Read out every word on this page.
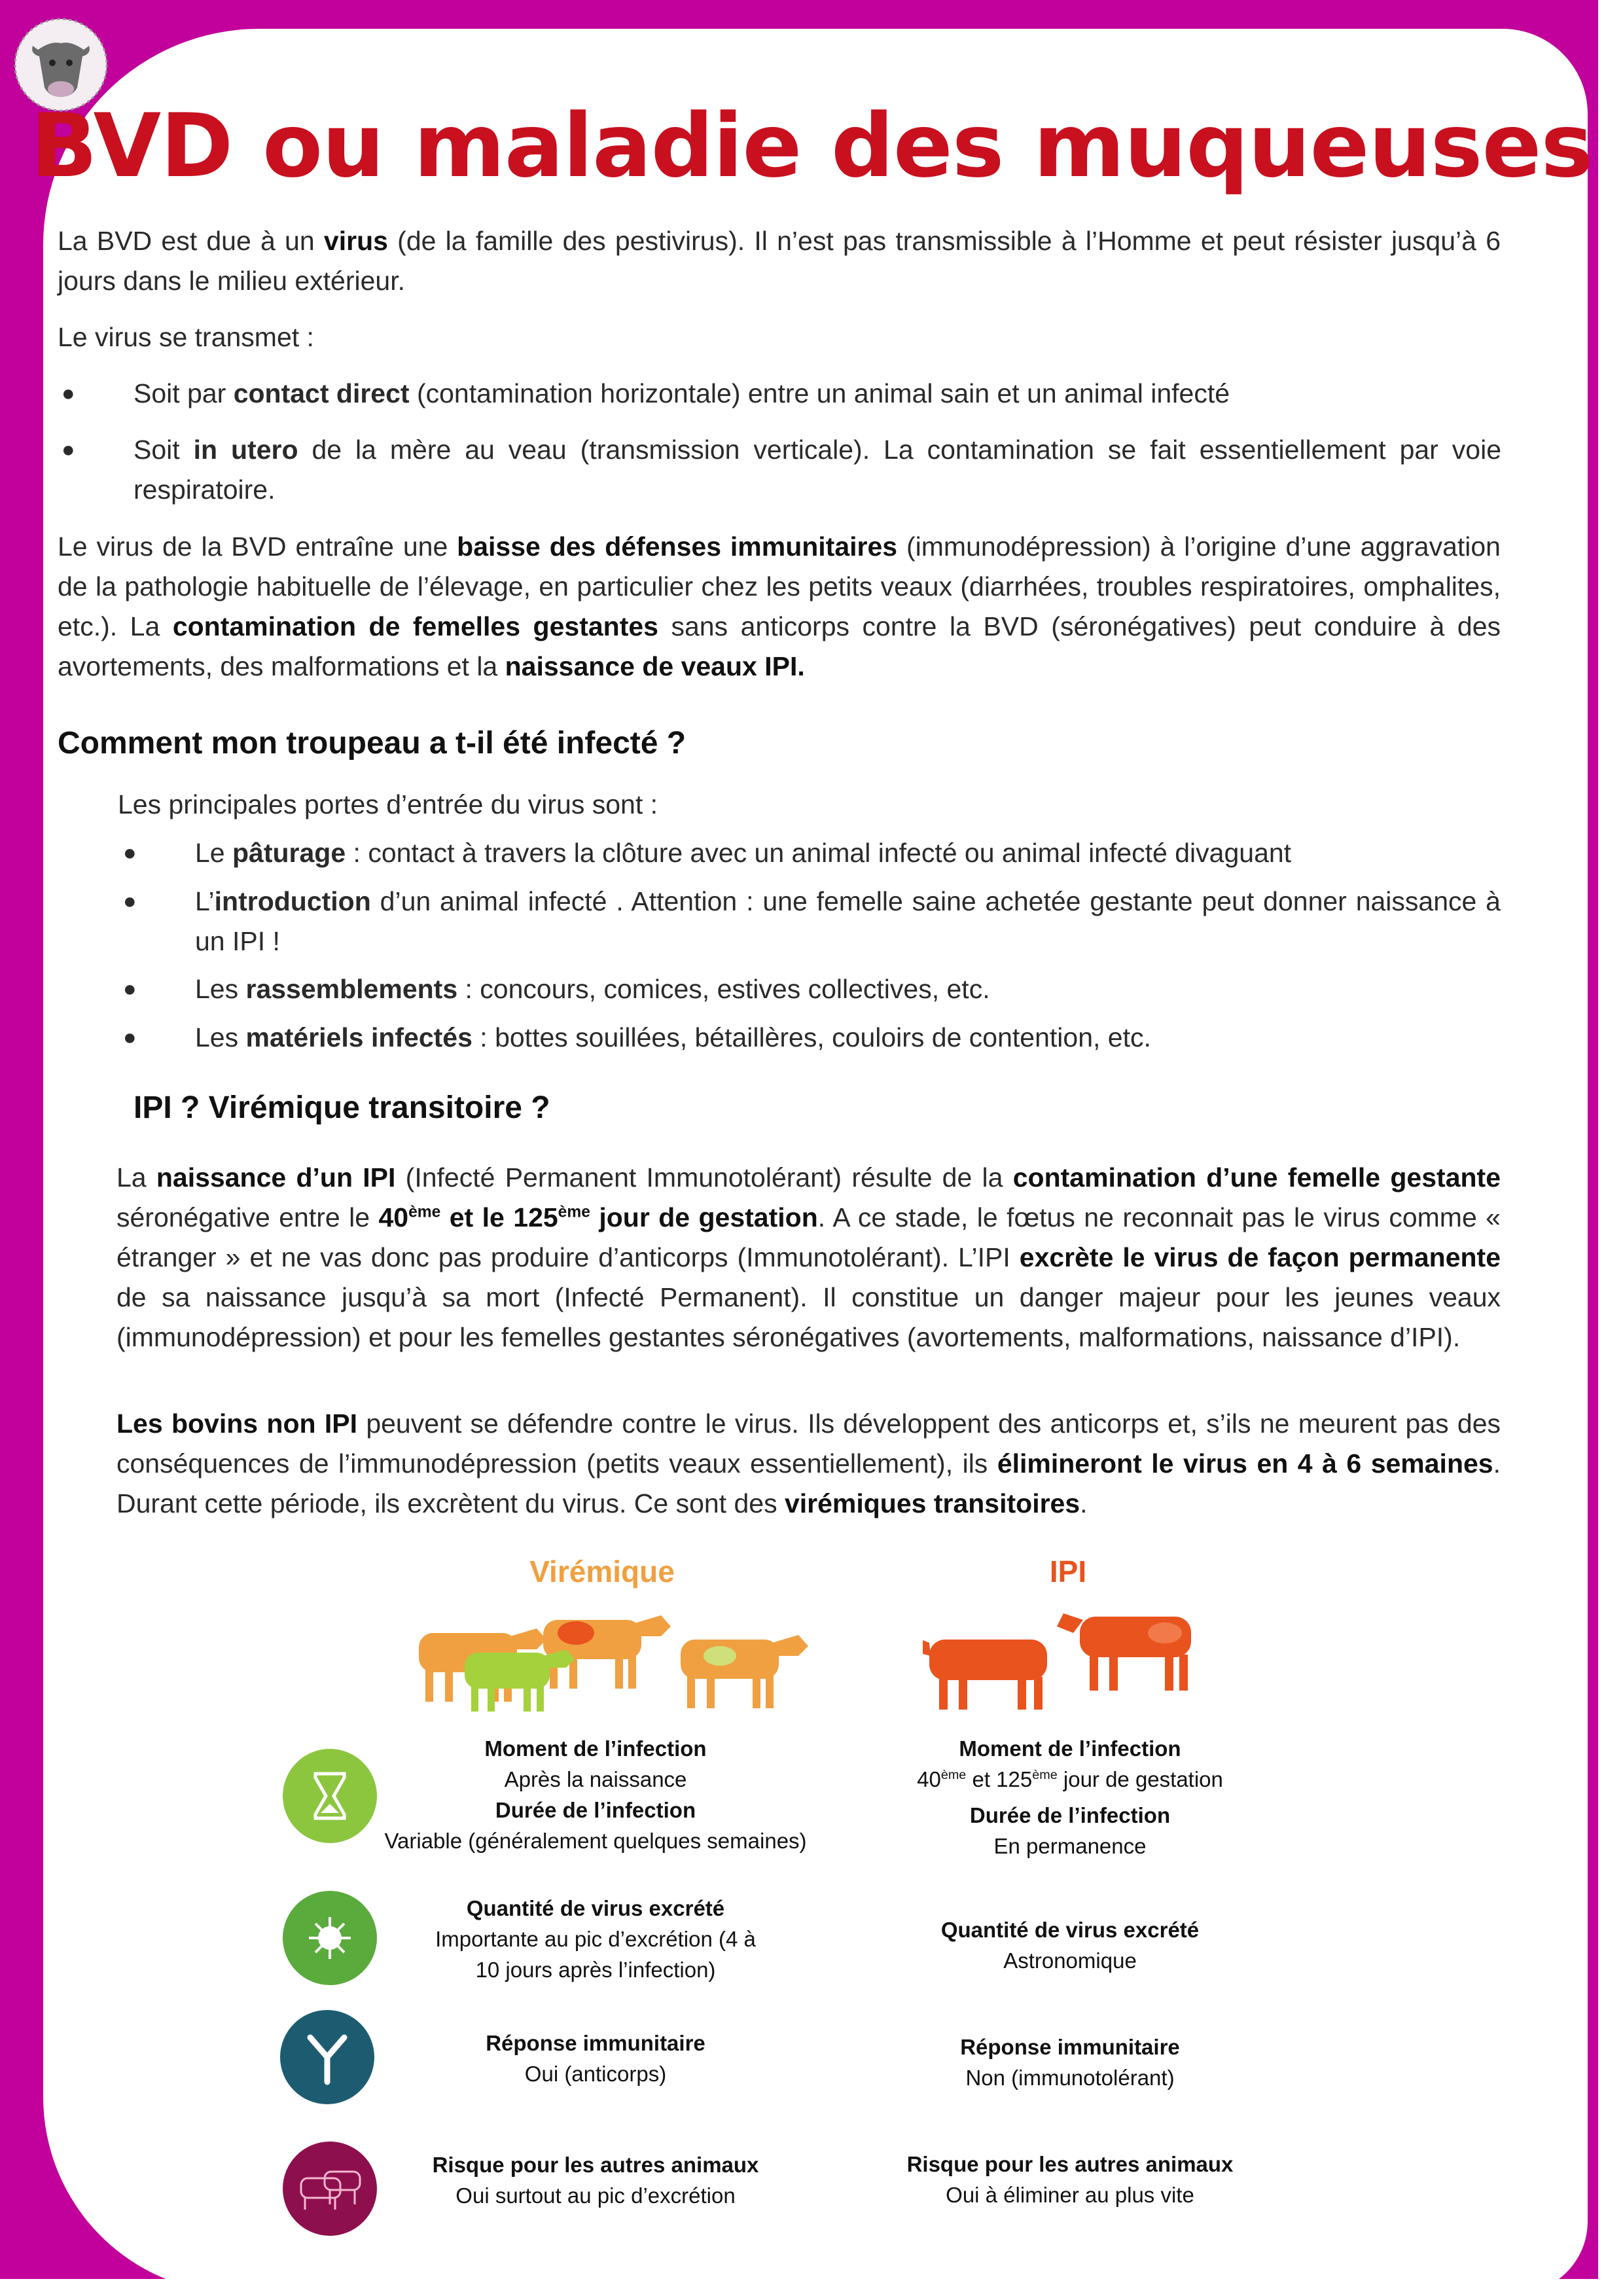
BVD ou maladie des muqueuses

La BVD est due à un virus (de la famille des pestivirus). Il n’est pas transmissible à l’Homme et peut résister jusqu’à 6 jours dans le milieu extérieur.

Le virus se transmet :

● Soit par contact direct (contamination horizontale) entre un animal sain et un animal infecté

● Soit in utero de la mère au veau (transmission verticale). La contamination se fait essentiellement par voie respiratoire.

Le virus de la BVD entraîne une baisse des défenses immunitaires (immunodépression) à l’origine d’une aggravation de la pathologie habituelle de l’élevage, en particulier chez les petits veaux (diarrhées, troubles respiratoires, omphalites, etc.). La contamination de femelles gestantes sans anticorps contre la BVD (séronégatives) peut conduire à des avortements, des malformations et la naissance de veaux IPI.

Comment mon troupeau a t-il été infecté ?

Les principales portes d’entrée du virus sont :

● Le pâturage : contact à travers la clôture avec un animal infecté ou animal infecté divaguant

● L’introduction d’un animal infecté . Attention : une femelle saine achetée gestante peut donner naissance à un IPI !

● Les rassemblements : concours, comices, estives collectives, etc.

● Les matériels infectés : bottes souillées, bétaillères, couloirs de contention, etc.

IPI ? Virémique transitoire ?

La naissance d’un IPI (Infecté Permanent Immunotolérant) résulte de la contamination d’une femelle gestante séronégative entre le 40ème et le 125ème jour de gestation. A ce stade, le fœtus ne reconnait pas le virus comme « étranger » et ne vas donc pas produire d’anticorps (Immunotolérant). L’IPI excrète le virus de façon permanente de sa naissance jusqu’à sa mort (Infecté Permanent). Il constitue un danger majeur pour les jeunes veaux (immunodépression) et pour les femelles gestantes séronégatives (avortements, malformations, naissance d’IPI).

Les bovins non IPI peuvent se défendre contre le virus. Ils développent des anticorps et, s’ils ne meurent pas des conséquences de l’immunodépression (petits veaux essentiellement), ils élimineront le virus en 4 à 6 semaines. Durant cette période, ils excrètent du virus. Ce sont des virémiques transitoires.

Virémique	IPI
Moment de l’infection
Après la naissance
Durée de l’infection
Variable (généralement quelques semaines)
Quantité de virus excrété
Importante au pic d’excrétion (4 à
10 jours après l’infection)
Réponse immunitaire
Oui (anticorps)
Risque pour les autres animaux
Oui surtout au pic d’excrétion
Moment de l’infection
40ème et 125ème jour de gestation
Durée de l’infection
En permanence
Quantité de virus excrété
Astronomique
Réponse immunitaire
Non (immunotolérant)
Risque pour les autres animaux
Oui à éliminer au plus vite
